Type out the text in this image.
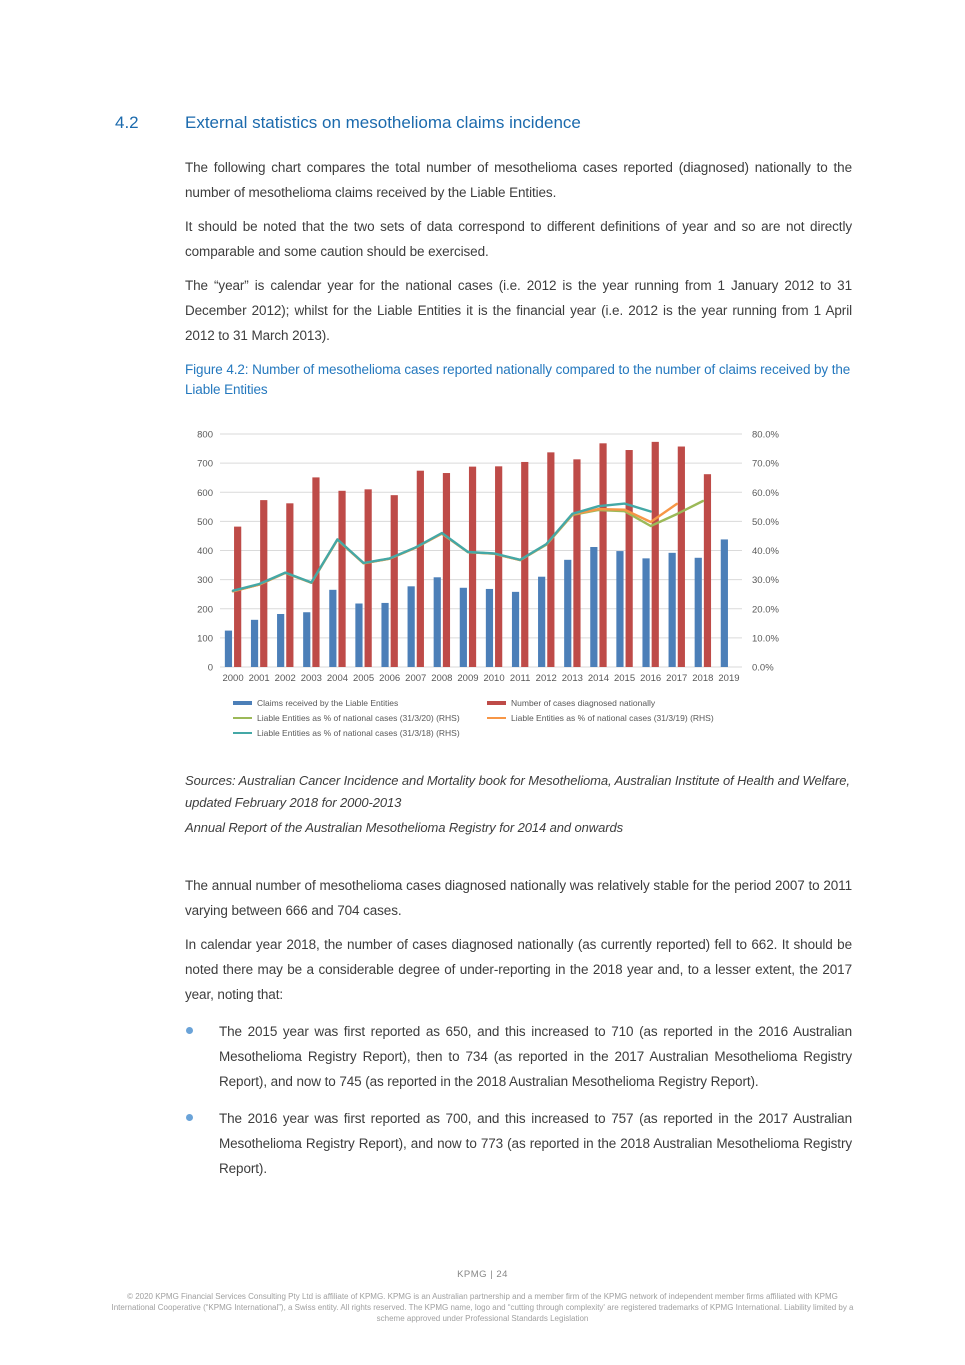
4.2	External statistics on mesothelioma claims incidence

The following chart compares the total number of mesothelioma cases reported (diagnosed) nationally to the number of mesothelioma claims received by the Liable Entities.

It should be noted that the two sets of data correspond to different definitions of year and so are not directly comparable and some caution should be exercised.

The “year” is calendar year for the national cases (i.e. 2012 is the year running from 1 January 2012 to 31 December 2012); whilst for the Liable Entities it is the financial year (i.e. 2012 is the year running from 1 April 2012 to 31 March 2013).

Figure 4.2: Number of mesothelioma cases reported nationally compared to the number of claims received by the Liable Entities

0
100
200
300
400
500
600
700
800
0.0%
10.0%
20.0%
30.0%
40.0%
50.0%
60.0%
70.0%
80.0%
2000 2001 2002 2003 2004 2005 2006 2007 2008 2009 2010 2011 2012 2013 2014 2015 2016 2017 2018 2019
Claims received by the Liable Entities	Number of cases diagnosed nationally
Liable Entities as % of national cases (31/3/20) (RHS)	Liable Entities as % of national cases (31/3/19) (RHS)
Liable Entities as % of national cases (31/3/18) (RHS)

Sources: Australian Cancer Incidence and Mortality book for Mesothelioma, Australian Institute of Health and Welfare, updated February 2018 for 2000-2013

Annual Report of the Australian Mesothelioma Registry for 2014 and onwards

The annual number of mesothelioma cases diagnosed nationally was relatively stable for the period 2007 to 2011 varying between 666 and 704 cases.

In calendar year 2018, the number of cases diagnosed nationally (as currently reported) fell to 662. It should be noted there may be a considerable degree of under-reporting in the 2018 year and, to a lesser extent, the 2017 year, noting that:

The 2015 year was first reported as 650, and this increased to 710 (as reported in the 2016 Australian Mesothelioma Registry Report), then to 734 (as reported in the 2017 Australian Mesothelioma Registry Report), and now to 745 (as reported in the 2018 Australian Mesothelioma Registry Report).
The 2016 year was first reported as 700, and this increased to 757 (as reported in the 2017 Australian Mesothelioma Registry Report), and now to 773 (as reported in the 2018 Australian Mesothelioma Registry Report).
KPMG | 24
© 2020 KPMG Financial Services Consulting Pty Ltd is affiliate of KPMG. KPMG is an Australian partnership and a member firm of the KPMG network of independent member firms affiliated with KPMG International Cooperative (“KPMG International”), a Swiss entity. All rights reserved. The KPMG name, logo and “cutting through complexity' are registered trademarks of KPMG International. Liability limited by a scheme approved under Professional Standards Legislation
